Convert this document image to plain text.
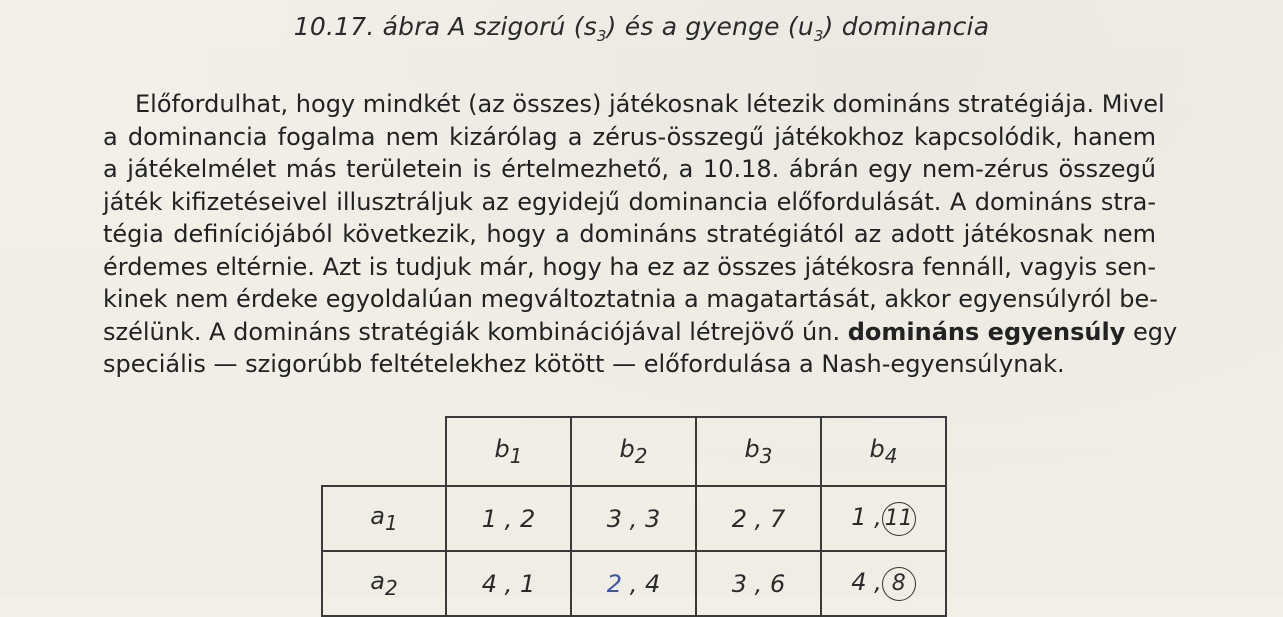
10.17. ábra A szigorú $(s_3)$ és a gyenge $(u_3)$ dominancia
Előfordulhat, hogy mindkét (az összes) játékosnak létezik domináns stratégiája. Mivel
a dominancia fogalma nem kizárólag a zérus-összegű játékokhoz kapcsolódik, hanem
a játékelmélet más területein is értelmezhető, a 10.18. ábrán egy nem-zérus összegű
játék kifizetéseivel illusztráljuk az egyidejű dominancia előfordulását. A domináns stra-
tégia definíciójából következik, hogy a domináns stratégiától az adott játékosnak nem
érdemes eltérnie. Azt is tudjuk már, hogy ha ez az összes játékosra fennáll, vagyis sen-
kinek nem érdeke egyoldalúan megváltoztatnia a magatartását, akkor egyensúlyról be-
szélünk. A domináns stratégiák kombinációjával létrejövő ún. domináns egyensúly egy
speciális — szigorúbb feltételekhez kötött — előfordulása a Nash-egyensúlynak.
	$b_1$	$b_2$	$b_3$	$b_4$
$a_1$	1 , 2	3 , 3	2 , 7	1 , 11
$a_2$	4 , 1	2 , 4	3 , 6	4 , 8
